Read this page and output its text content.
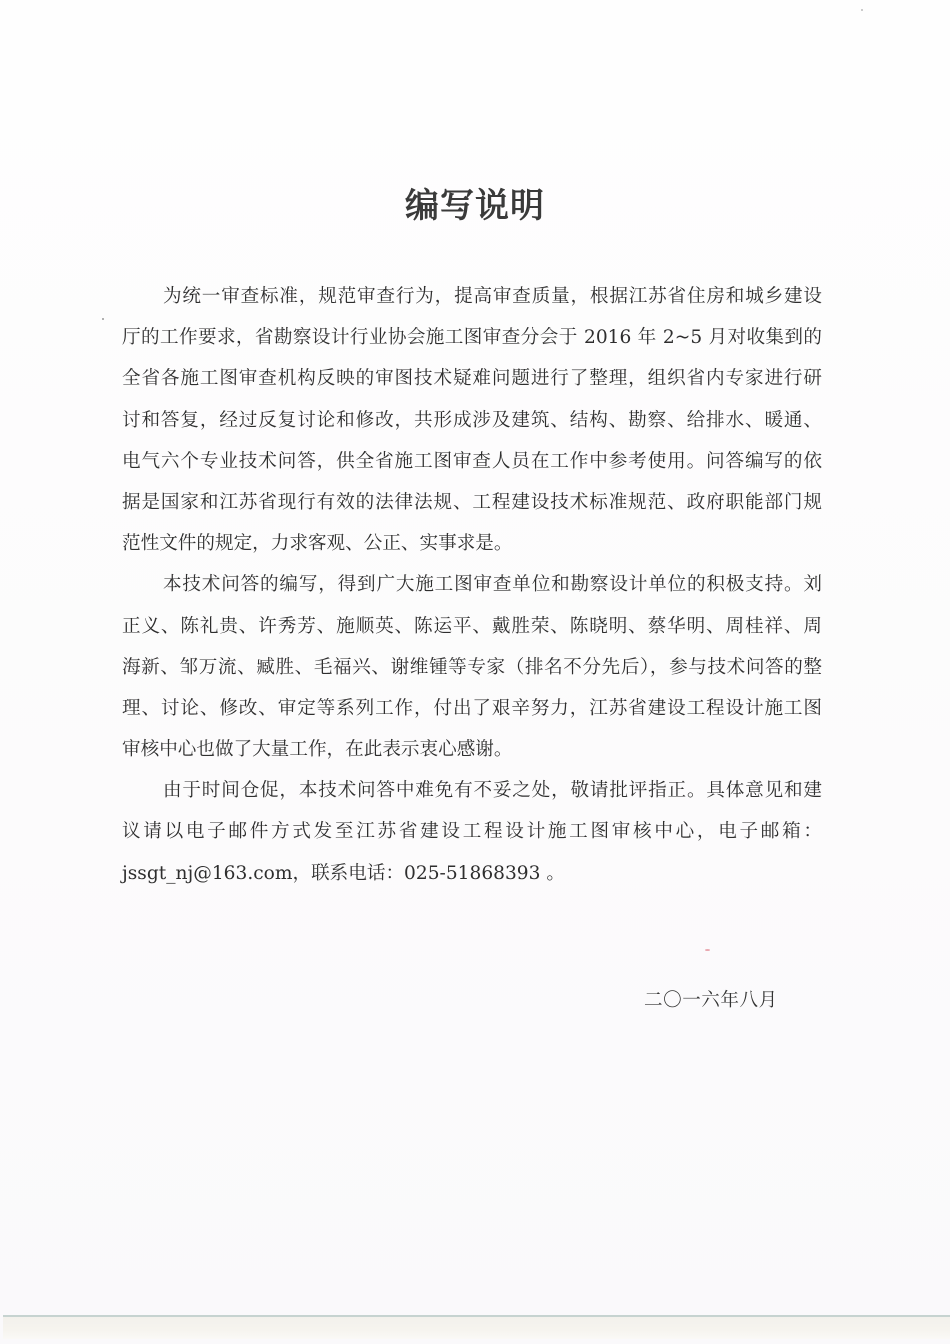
编写说明
为统一审查标准，规范审查行为，提高审查质量，根据江苏省住房和城乡建设
厅的工作要求，省勘察设计行业协会施工图审查分会于 2016 年 2~5 月对收集到的
全省各施工图审查机构反映的审图技术疑难问题进行了整理，组织省内专家进行研
讨和答复，经过反复讨论和修改，共形成涉及建筑、结构、勘察、给排水、暖通、
电气六个专业技术问答，供全省施工图审查人员在工作中参考使用。问答编写的依
据是国家和江苏省现行有效的法律法规、工程建设技术标准规范、政府职能部门规
范性文件的规定，力求客观、公正、实事求是。
本技术问答的编写，得到广大施工图审查单位和勘察设计单位的积极支持。刘
正义、陈礼贵、许秀芳、施顺英、陈运平、戴胜荣、陈晓明、蔡华明、周桂祥、周
海新、邹万流、臧胜、毛福兴、谢维锺等专家（排名不分先后），参与技术问答的整
理、讨论、修改、审定等系列工作，付出了艰辛努力，江苏省建设工程设计施工图
审核中心也做了大量工作，在此表示衷心感谢。
由于时间仓促，本技术问答中难免有不妥之处，敬请批评指正。具体意见和建
议请以电子邮件方式发至江苏省建设工程设计施工图审核中心，电子邮箱：
jssgt_nj@163.com，联系电话：025-51868393 。
二〇一六年八月
